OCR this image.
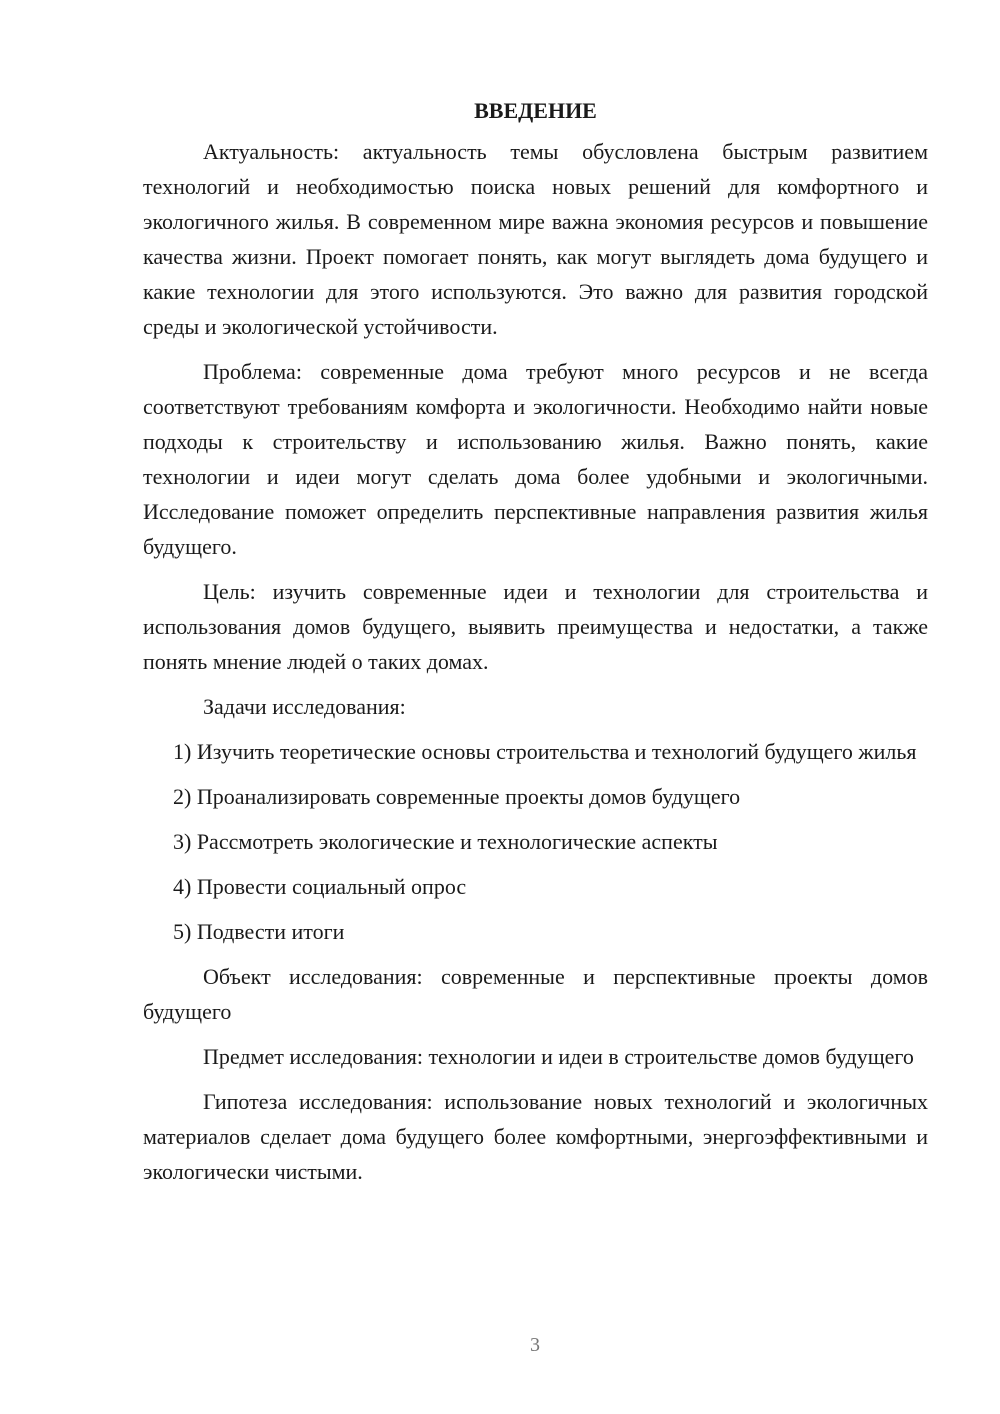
ВВЕДЕНИЕ

Актуальность: актуальность темы обусловлена быстрым развитием технологий и необходимостью поиска новых решений для комфортного и экологичного жилья. В современном мире важна экономия ресурсов и повышение качества жизни. Проект помогает понять, как могут выглядеть дома будущего и какие технологии для этого используются. Это важно для развития городской среды и экологической устойчивости.

Проблема: современные дома требуют много ресурсов и не всегда соответствуют требованиям комфорта и экологичности. Необходимо найти новые подходы к строительству и использованию жилья. Важно понять, какие технологии и идеи могут сделать дома более удобными и экологичными. Исследование поможет определить перспективные направления развития жилья будущего.

Цель: изучить современные идеи и технологии для строительства и использования домов будущего, выявить преимущества и недостатки, а также понять мнение людей о таких домах.

Задачи исследования:

1) Изучить теоретические основы строительства и технологий будущего жилья

2) Проанализировать современные проекты домов будущего

3) Рассмотреть экологические и технологические аспекты

4) Провести социальный опрос

5) Подвести итоги

Объект исследования: современные и перспективные проекты домов будущего

Предмет исследования: технологии и идеи в строительстве домов будущего

Гипотеза исследования: использование новых технологий и экологичных материалов сделает дома будущего более комфортными, энергоэффективными и экологически чистыми.

3
